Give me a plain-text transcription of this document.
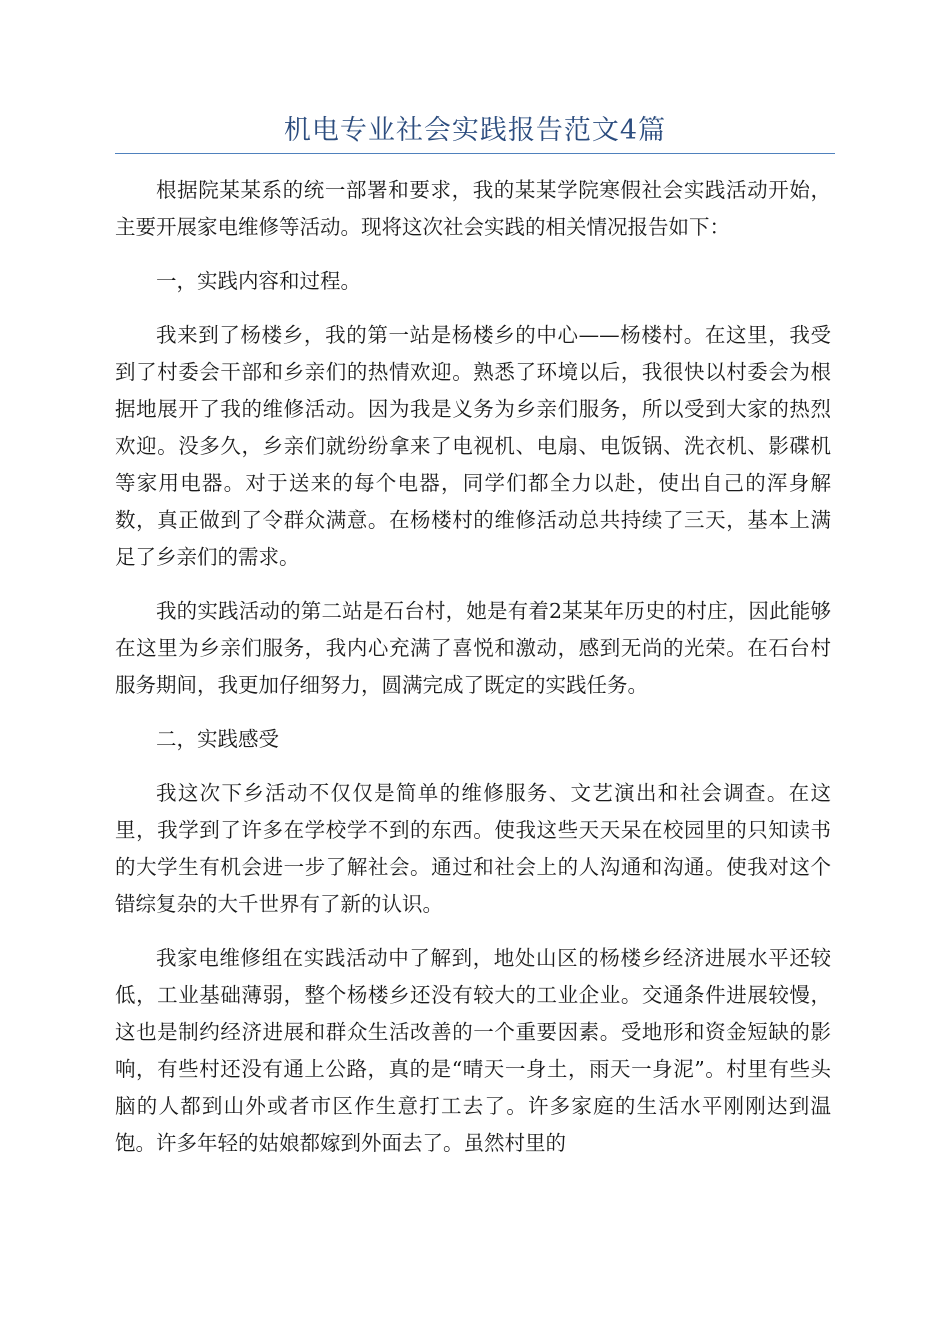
机电专业社会实践报告范文4篇

根据院某某系的统一部署和要求，我的某某学院寒假社会实践活动开始，主要开展家电维修等活动。现将这次社会实践的相关情况报告如下：

一，实践内容和过程。

我来到了杨楼乡，我的第一站是杨楼乡的中心——杨楼村。在这里，我受到了村委会干部和乡亲们的热情欢迎。熟悉了环境以后，我很快以村委会为根据地展开了我的维修活动。因为我是义务为乡亲们服务，所以受到大家的热烈欢迎。没多久，乡亲们就纷纷拿来了电视机、电扇、电饭锅、洗衣机、影碟机等家用电器。对于送来的每个电器，同学们都全力以赴，使出自己的浑身解数，真正做到了令群众满意。在杨楼村的维修活动总共持续了三天，基本上满足了乡亲们的需求。

我的实践活动的第二站是石台村，她是有着2某某年历史的村庄，因此能够在这里为乡亲们服务，我内心充满了喜悦和激动，感到无尚的光荣。在石台村服务期间，我更加仔细努力，圆满完成了既定的实践任务。

二，实践感受

我这次下乡活动不仅仅是简单的维修服务、文艺演出和社会调查。在这里，我学到了许多在学校学不到的东西。使我这些天天呆在校园里的只知读书的大学生有机会进一步了解社会。通过和社会上的人沟通和沟通。使我对这个错综复杂的大千世界有了新的认识。

我家电维修组在实践活动中了解到，地处山区的杨楼乡经济进展水平还较低，工业基础薄弱，整个杨楼乡还没有较大的工业企业。交通条件进展较慢，这也是制约经济进展和群众生活改善的一个重要因素。受地形和资金短缺的影响，有些村还没有通上公路，真的是“晴天一身土，雨天一身泥”。村里有些头脑的人都到山外或者市区作生意打工去了。许多家庭的生活水平刚刚达到温饱。许多年轻的姑娘都嫁到外面去了。虽然村里的
